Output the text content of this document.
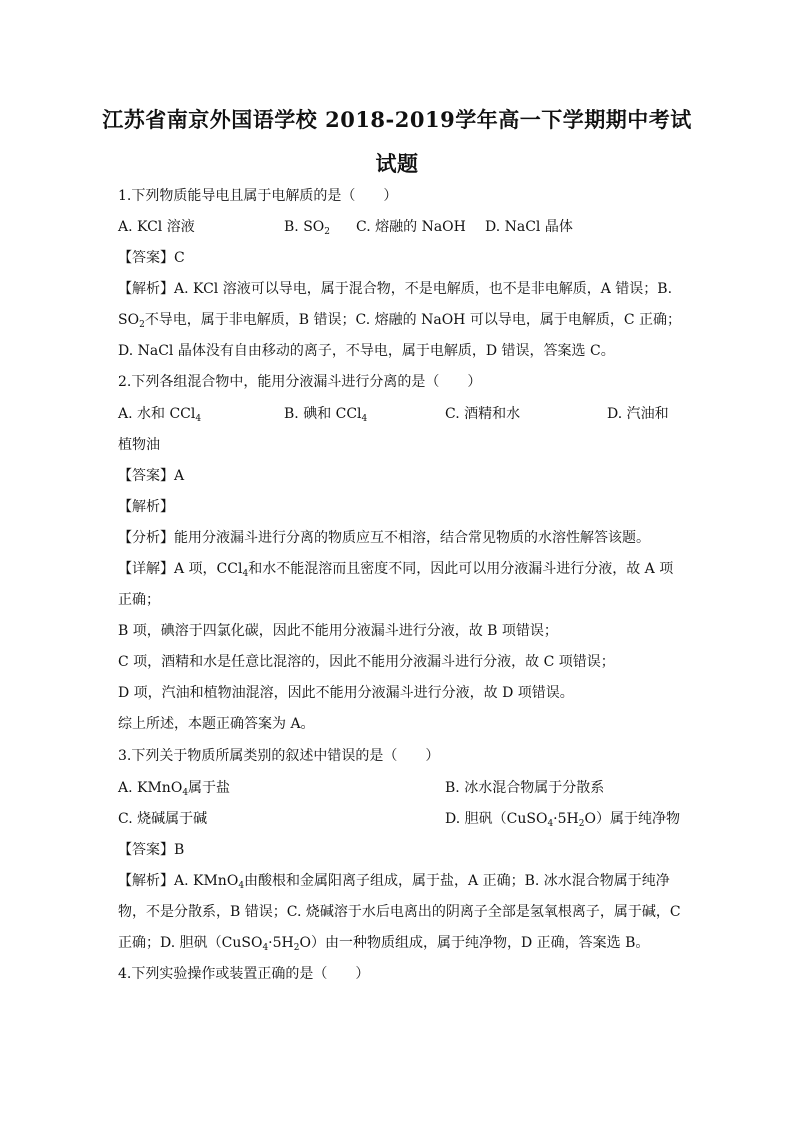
江苏省南京外国语学校 2018-2019学年高一下学期期中考试
试题
1.下列物质能导电且属于电解质的是（　　）
A. KCl 溶液	B. $SO_2$ C. 熔融的 NaOH D. NaCl 晶体
【答案】C
【解析】A. KCl 溶液可以导电，属于混合物，不是电解质，也不是非电解质，A 错误；B.
$SO_2$不导电，属于非电解质，B 错误；C. 熔融的 NaOH 可以导电，属于电解质，C 正确；
D. NaCl 晶体没有自由移动的离子，不导电，属于电解质，D 错误，答案选 C。
2.下列各组混合物中，能用分液漏斗进行分离的是（　　）
A. 水和 CCl$_4$	B. 碘和 CCl$_4$	C. 酒精和水	D. 汽油和
植物油
【答案】A
【解析】
【分析】能用分液漏斗进行分离的物质应互不相溶，结合常见物质的水溶性解答该题。
【详解】A 项，CCl$_4$和水不能混溶而且密度不同，因此可以用分液漏斗进行分液，故 A 项
正确；
B 项，碘溶于四氯化碳，因此不能用分液漏斗进行分液，故 B 项错误；
C 项，酒精和水是任意比混溶的，因此不能用分液漏斗进行分液，故 C 项错误；
D 项，汽油和植物油混溶，因此不能用分液漏斗进行分液，故 D 项错误。
综上所述，本题正确答案为 A。
3.下列关于物质所属类别的叙述中错误的是（　　）
A. KMnO$_4$属于盐	B. 冰水混合物属于分散系
C. 烧碱属于碱	D. 胆矾$(CuSO_4\cdot 5H_2O)$属于纯净物
【答案】B
【解析】A. KMnO$_4$由酸根和金属阳离子组成，属于盐，A 正确；B. 冰水混合物属于纯净
物，不是分散系，B 错误；C. 烧碱溶于水后电离出的阴离子全部是氢氧根离子，属于碱，C
正确；D. 胆矾$(CuSO_4\cdot 5H_2O)$由一种物质组成，属于纯净物，D 正确，答案选 B。
4.下列实验操作或装置正确的是（　　）
